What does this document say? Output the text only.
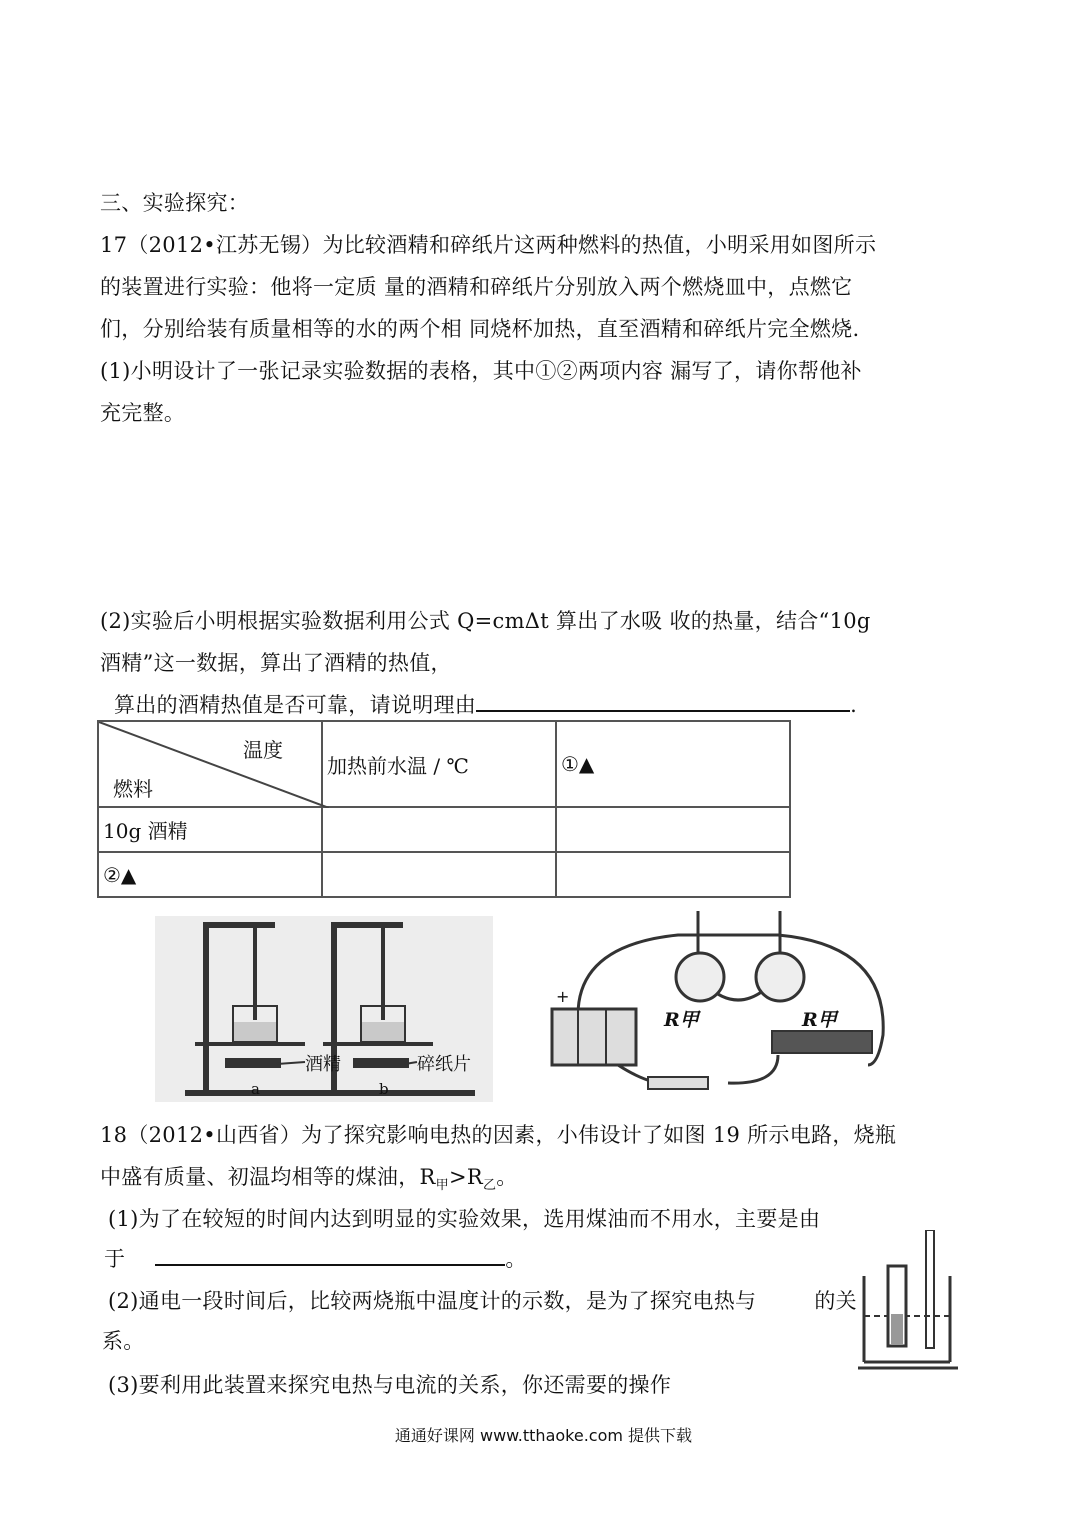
三、实验探究：
17（2012•江苏无锡）为比较酒精和碎纸片这两种燃料的热值，小明采用如图所示
的装置进行实验：他将一定质 量的酒精和碎纸片分别放入两个燃烧皿中，点燃它
们，分别给装有质量相等的水的两个相 同烧杯加热，直至酒精和碎纸片完全燃烧.
(1)小明设计了一张记录实验数据的表格，其中①②两项内容 漏写了，请你帮他补
充完整。
(2)实验后小明根据实验数据利用公式 Q=cmΔt 算出了水吸 收的热量，结合“10g
酒精”这一数据，算出了酒精的热值，
算出的酒精热值是否可靠，请说明理由	.
温度
燃料	加热前水温 / ℃	①▲
10g 酒精		
②▲		
a	b
酒精	碎纸片
+
R甲	R甲
18（2012•山西省）为了探究影响电热的因素，小伟设计了如图 19 所示电路，烧瓶
中盛有质量、初温均相等的煤油，$R_甲>R_乙$。
(1)为了在较短的时间内达到明显的实验效果，选用煤油而不用水，主要是由
于	。
(2)通电一段时间后，比较两烧瓶中温度计的示数，是为了探究电热与	的关
系。
(3)要利用此装置来探究电热与电流的关系，你还需要的操作
通通好课网 www.tthaoke.com 提供下载
